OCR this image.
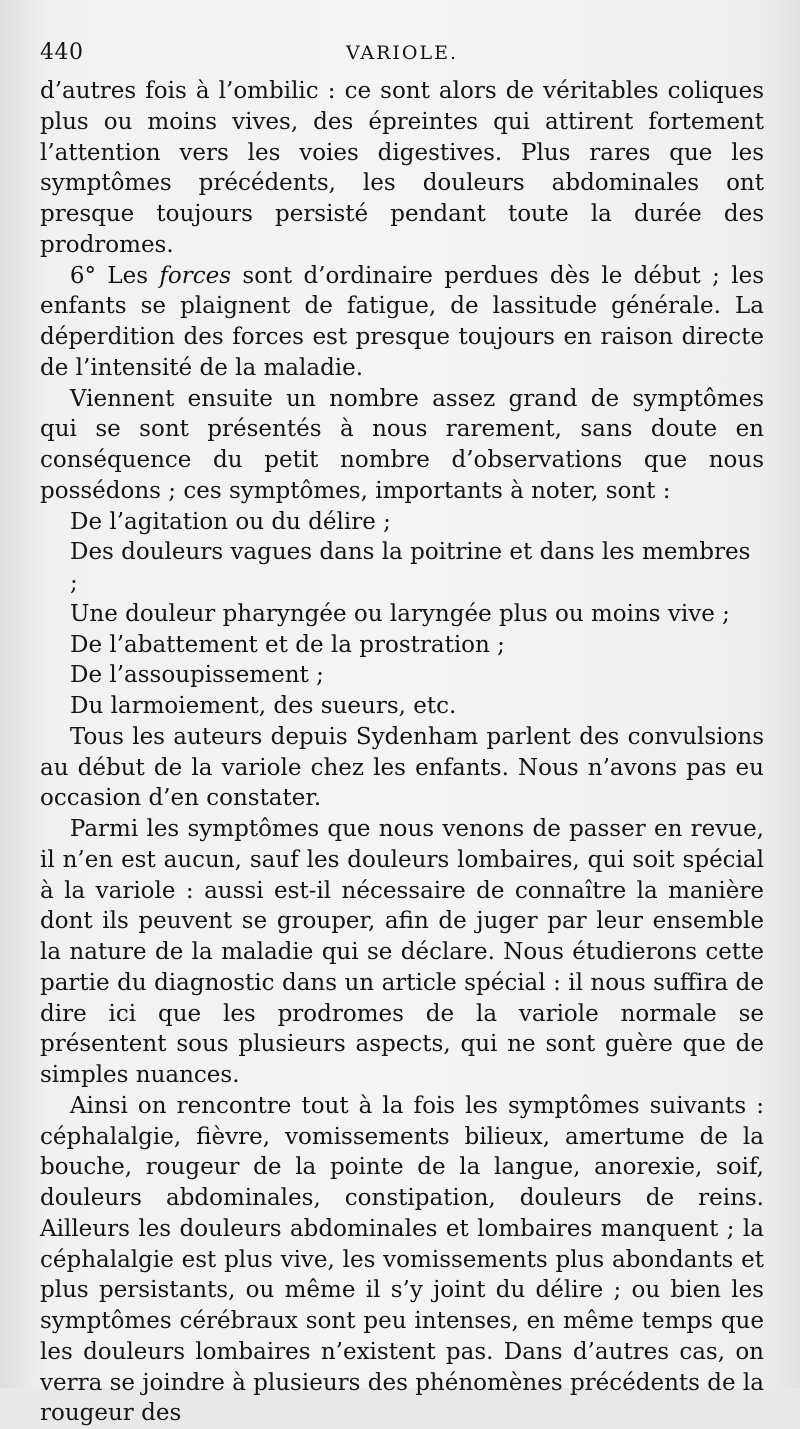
440	VARIOLE.

d’autres fois à l’ombilic : ce sont alors de véritables coliques plus ou moins vives, des épreintes qui attirent fortement l’attention vers les voies digestives. Plus rares que les symptômes précédents, les douleurs abdominales ont presque toujours persisté pendant toute la durée des prodromes.

6° Les forces sont d’ordinaire perdues dès le début ; les enfants se plaignent de fatigue, de lassitude générale. La déperdition des forces est presque toujours en raison directe de l’intensité de la maladie.

Viennent ensuite un nombre assez grand de symptômes qui se sont présentés à nous rarement, sans doute en conséquence du petit nombre d’observations que nous possédons ; ces symptômes, importants à noter, sont :

De l’agitation ou du délire ;

Des douleurs vagues dans la poitrine et dans les membres ;

Une douleur pharyngée ou laryngée plus ou moins vive ;

De l’abattement et de la prostration ;

De l’assoupissement ;

Du larmoiement, des sueurs, etc.

Tous les auteurs depuis Sydenham parlent des convulsions au début de la variole chez les enfants. Nous n’avons pas eu occasion d’en constater.

Parmi les symptômes que nous venons de passer en revue, il n’en est aucun, sauf les douleurs lombaires, qui soit spécial à la variole : aussi est-il nécessaire de connaître la manière dont ils peuvent se grouper, afin de juger par leur ensemble la nature de la maladie qui se déclare. Nous étudierons cette partie du diagnostic dans un article spécial : il nous suffira de dire ici que les prodromes de la variole normale se présentent sous plusieurs aspects, qui ne sont guère que de simples nuances.

Ainsi on rencontre tout à la fois les symptômes suivants : céphalalgie, fièvre, vomissements bilieux, amertume de la bouche, rougeur de la pointe de la langue, anorexie, soif, douleurs abdominales, constipation, douleurs de reins. Ailleurs les douleurs abdominales et lombaires manquent ; la céphalalgie est plus vive, les vomissements plus abondants et plus persistants, ou même il s’y joint du délire ; ou bien les symptômes cérébraux sont peu intenses, en même temps que les douleurs lombaires n’existent pas. Dans d’autres cas, on verra se joindre à plusieurs des phénomènes précédents de la rougeur des
